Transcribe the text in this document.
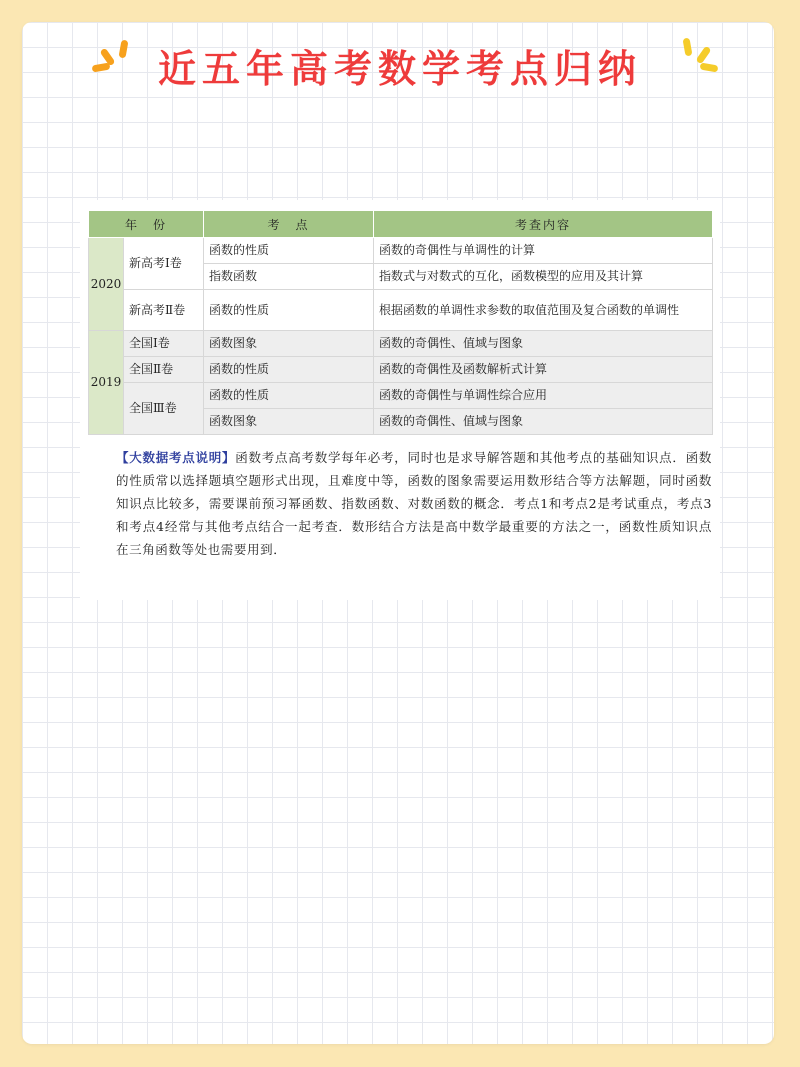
近五年高考数学考点归纳
年　份		考　点	考查内容
2020	新高考Ⅰ卷	函数的性质	函数的奇偶性与单调性的计算
		指数函数	指数式与对数式的互化，函数模型的应用及其计算
	新高考Ⅱ卷	函数的性质	根据函数的单调性求参数的取值范围及复合函数的单调性
2019	全国Ⅰ卷	函数图象	函数的奇偶性、值域与图象
	全国Ⅱ卷	函数的性质	函数的奇偶性及函数解析式计算
	全国Ⅲ卷	函数的性质	函数的奇偶性与单调性综合应用
		函数图象	函数的奇偶性、值域与图象

【大数据考点说明】函数考点高考数学每年必考，同时也是求导解答题和其他考点的基础知识点．函数的性质常以选择题填空题形式出现，且难度中等，函数的图象需要运用数形结合等方法解题，同时函数知识点比较多，需要课前预习幂函数、指数函数、对数函数的概念．考点1和考点2是考试重点，考点3和考点4经常与其他考点结合一起考查．数形结合方法是高中数学最重要的方法之一，函数性质知识点在三角函数等处也需要用到．
